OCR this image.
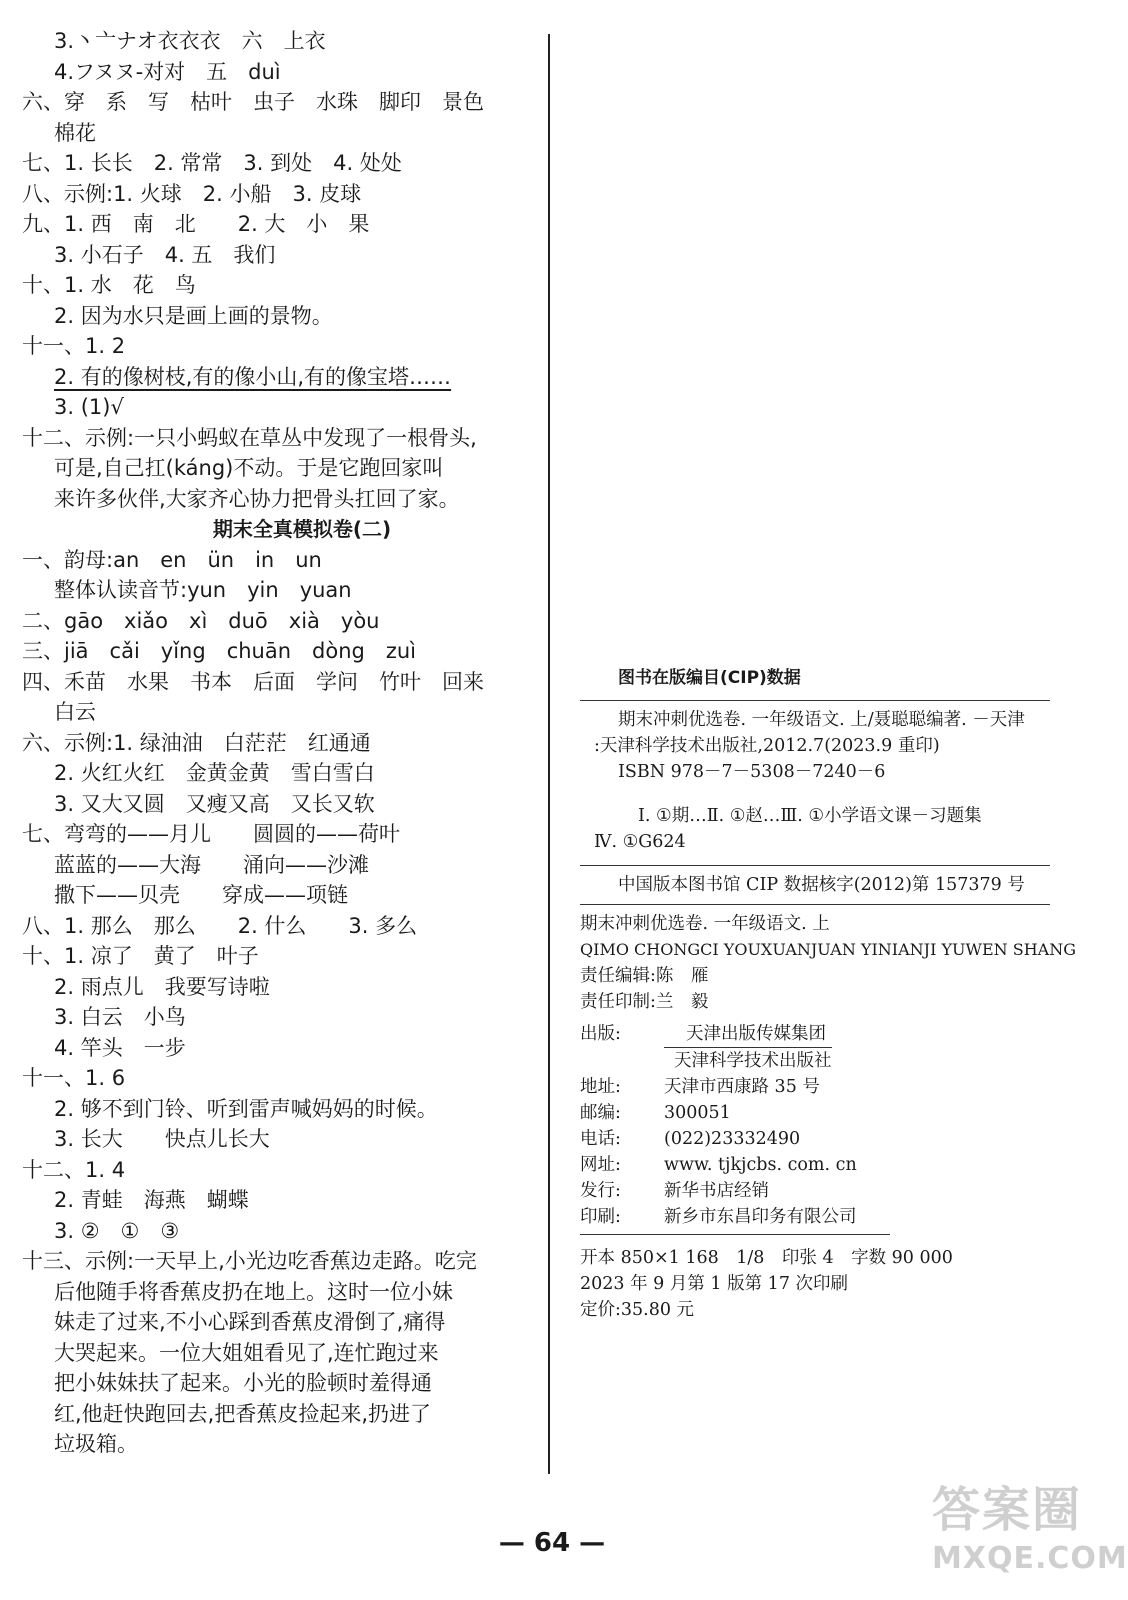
3.丶亠ナオ衣衣衣　六　上衣
4.フヌヌ-对对　五　duì
六、穿　系　写　枯叶　虫子　水珠　脚印　景色
棉花
七、1. 长长　2. 常常　3. 到处　4. 处处
八、示例:1. 火球　2. 小船　3. 皮球
九、1. 西　南　北　　2. 大　小　果
3. 小石子　4. 五　我们
十、1. 水　花　鸟
2. 因为水只是画上画的景物。
十一、1. 2
2. 有的像树枝,有的像小山,有的像宝塔……
3. (1)√
十二、示例:一只小蚂蚁在草丛中发现了一根骨头,
可是,自己扛(káng)不动。于是它跑回家叫
来许多伙伴,大家齐心协力把骨头扛回了家。
期末全真模拟卷(二)
一、韵母:an　en　ün　in　un
整体认读音节:yun　yin　yuan
二、gāo　xiǎo　xì　duō　xià　yòu
三、jiā　cǎi　yǐng　chuān　dòng　zuì
四、禾苗　水果　书本　后面　学问　竹叶　回来
白云
六、示例:1. 绿油油　白茫茫　红通通
2. 火红火红　金黄金黄　雪白雪白
3. 又大又圆　又瘦又高　又长又软
七、弯弯的——月儿　　圆圆的——荷叶
蓝蓝的——大海　　涌向——沙滩
撒下——贝壳　　穿成——项链
八、1. 那么　那么　　2. 什么　　3. 多么
十、1. 凉了　黄了　叶子
2. 雨点儿　我要写诗啦
3. 白云　小鸟
4. 竿头　一步
十一、1. 6
2. 够不到门铃、听到雷声喊妈妈的时候。
3. 长大　　快点儿长大
十二、1. 4
2. 青蛙　海燕　蝴蝶
3. ②　①　③
十三、示例:一天早上,小光边吃香蕉边走路。吃完
后他随手将香蕉皮扔在地上。这时一位小妹
妹走了过来,不小心踩到香蕉皮滑倒了,痛得
大哭起来。一位大姐姐看见了,连忙跑过来
把小妹妹扶了起来。小光的脸顿时羞得通
红,他赶快跑回去,把香蕉皮捡起来,扔进了
垃圾箱。
图书在版编目(CIP)数据
期末冲刺优选卷. 一年级语文. 上/聂聪聪编著. －天津
:天津科学技术出版社,2012.7(2023.9 重印)
ISBN 978－7－5308－7240－6
Ⅰ. ①期…Ⅱ. ①赵…Ⅲ. ①小学语文课－习题集
Ⅳ. ①G624
中国版本图书馆 CIP 数据核字(2012)第 157379 号
期末冲刺优选卷. 一年级语文. 上
QIMO CHONGCI YOUXUANJUAN YINIANJI YUWEN SHANG
责任编辑:陈　雁
责任印制:兰　毅
出版:	天津出版传媒集团
天津科学技术出版社
地址:	天津市西康路 35 号
邮编:	300051
电话:	(022)23332490
网址:	www. tjkjcbs. com. cn
发行:	新华书店经销
印刷:	新乡市东昌印务有限公司
开本 850×1 168　1/8　印张 4　字数 90 000
2023 年 9 月第 1 版第 17 次印刷
定价:35.80 元
— 64 —
答案圈
MXQE.COM
